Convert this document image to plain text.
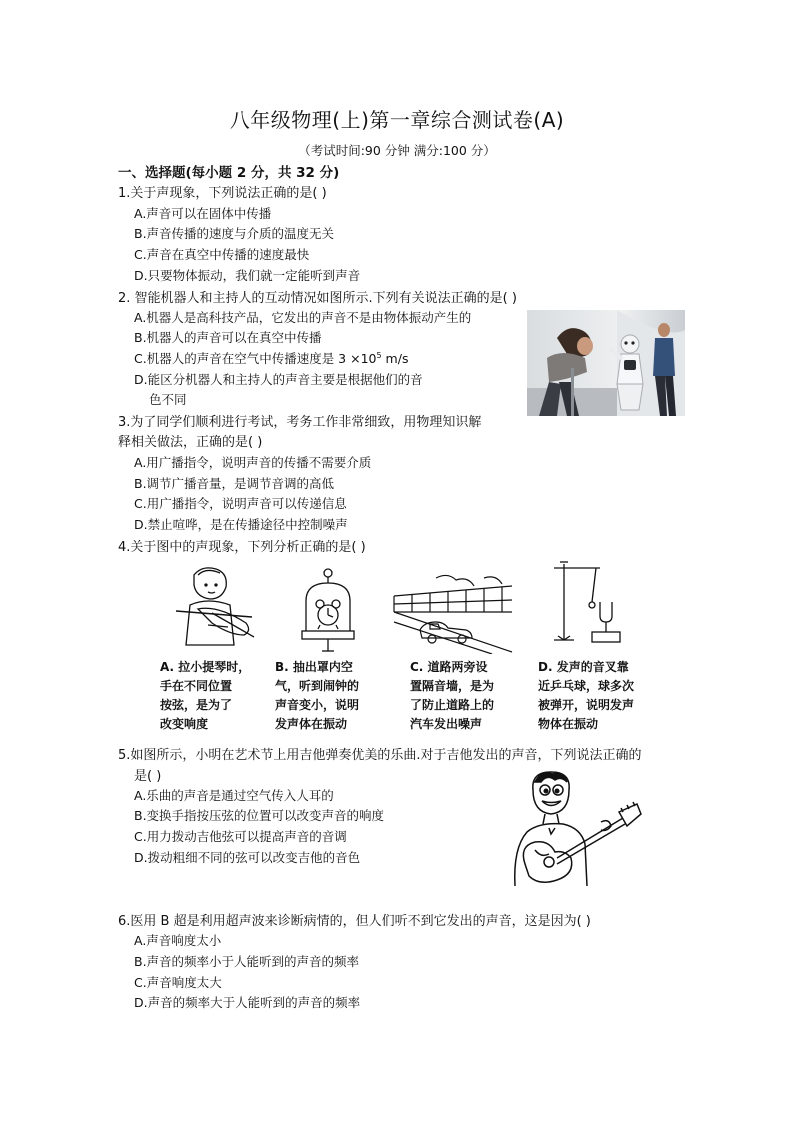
八年级物理(上)第一章综合测试卷(A)
（考试时间:90 分钟 满分:100 分）
一、选择题(每小题 2 分，共 32 分)
1.关于声现象，下列说法正确的是( )
A.声音可以在固体中传播
B.声音传播的速度与介质的温度无关
C.声音在真空中传播的速度最快
D.只要物体振动，我们就一定能听到声音
2. 智能机器人和主持人的互动情况如图所示.下列有关说法正确的是( )
A.机器人是高科技产品，它发出的声音不是由物体振动产生的
B.机器人的声音可以在真空中传播
C.机器人的声音在空气中传播速度是 $3 \times 10^5$ m/s
D.能区分机器人和主持人的声音主要是根据他们的音
色不同
3.为了同学们顺利进行考试，考务工作非常细致，用物理知识解
释相关做法，正确的是( )
A.用广播指令，说明声音的传播不需要介质
B.调节广播音量，是调节音调的高低
C.用广播指令，说明声音可以传递信息
D.禁止喧哗，是在传播途径中控制噪声
4.关于图中的声现象，下列分析正确的是( )
A. 拉小提琴时，
手在不同位置
按弦，是为了
改变响度
B. 抽出罩内空
气，听到闹钟的
声音变小，说明
发声体在振动
C. 道路两旁设
置隔音墙，是为
了防止道路上的
汽车发出噪声
D. 发声的音叉靠
近乒乓球，球多次
被弹开，说明发声
物体在振动
5.如图所示，小明在艺术节上用吉他弹奏优美的乐曲.对于吉他发出的声音，下列说法正确的
是( )
A.乐曲的声音是通过空气传入人耳的
B.变换手指按压弦的位置可以改变声音的响度
C.用力拨动吉他弦可以提高声音的音调
D.拨动粗细不同的弦可以改变吉他的音色
6.医用 B 超是利用超声波来诊断病情的，但人们听不到它发出的声音，这是因为( )
A.声音响度太小
B.声音的频率小于人能听到的声音的频率
C.声音响度太大
D.声音的频率大于人能听到的声音的频率
